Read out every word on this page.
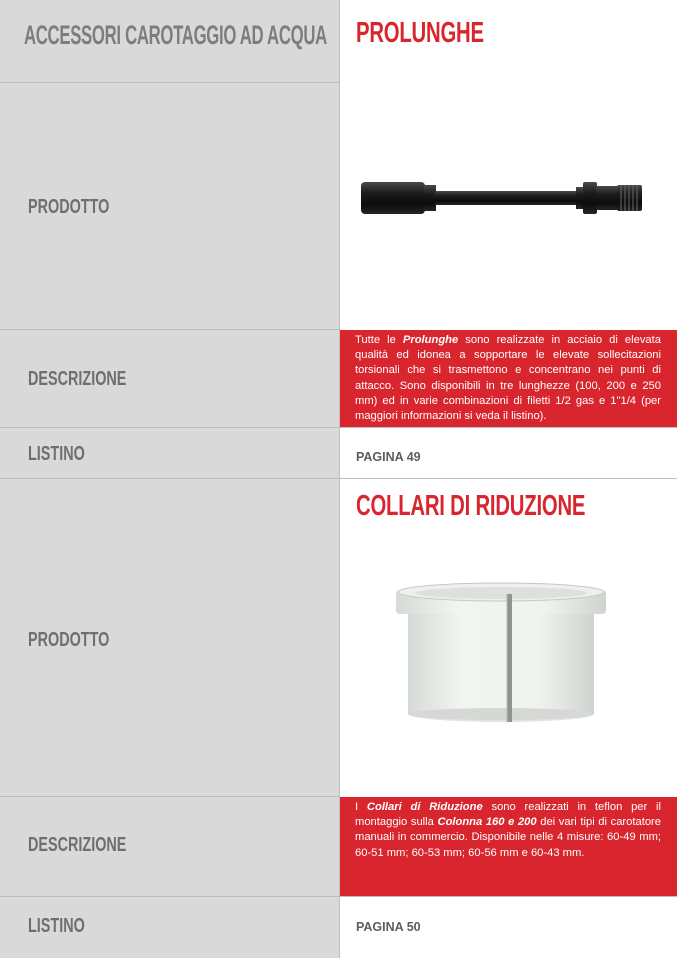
ACCESSORI CAROTAGGIO AD ACQUA PROLUNGHE
PRODOTTO
DESCRIZIONE
Tutte le Prolunghe sono realizzate in acciaio di elevata qualità ed idonea a sopportare le elevate sollecitazioni torsionali che si trasmettono e concentrano nei punti di attacco. Sono disponibili in tre lunghezze (100, 200 e 250 mm) ed in varie combinazioni di filetti 1/2 gas e 1"1/4 (per maggiori informazioni si veda il listino).
LISTINO	PAGINA 49
COLLARI DI RIDUZIONE
PRODOTTO
DESCRIZIONE
I Collari di Riduzione sono realizzati in teflon per il montaggio sulla Colonna 160 e 200 dei vari tipi di carotatore manuali in commercio. Disponibile nelle 4 misure: 60-49 mm; 60-51 mm; 60-53 mm; 60-56 mm e 60-43 mm.
LISTINO	PAGINA 50
